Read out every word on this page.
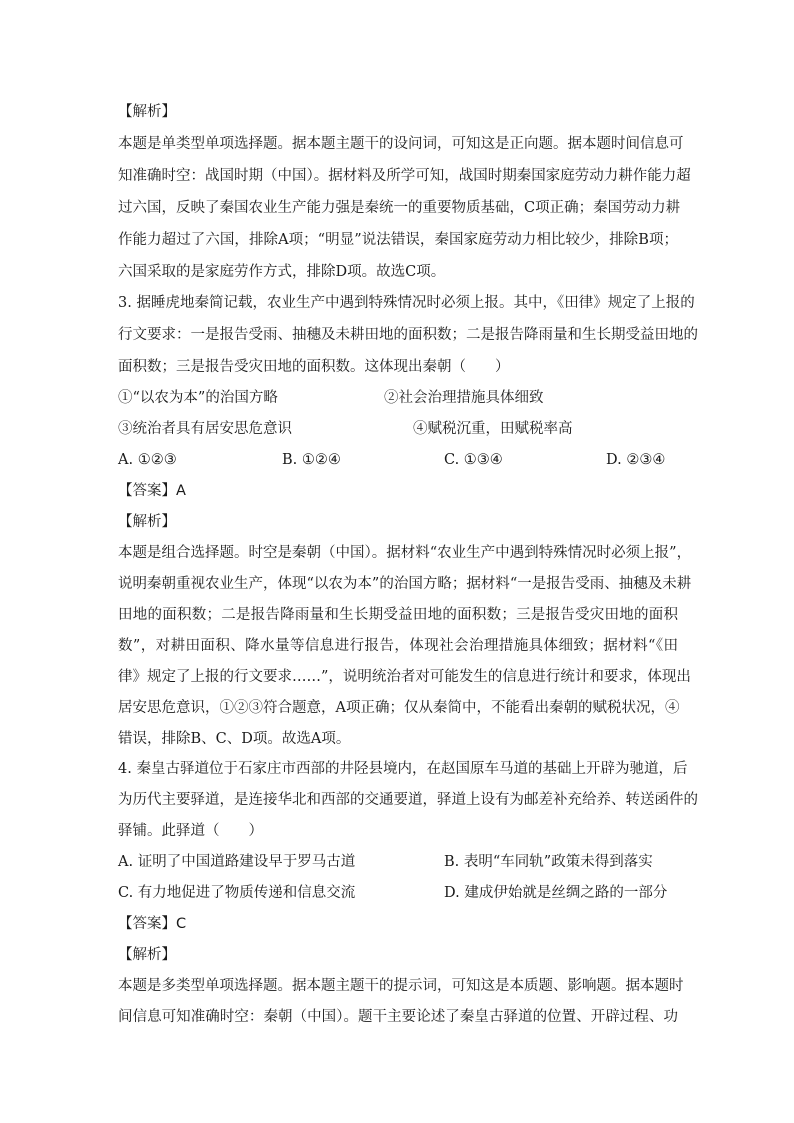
【解析】
本题是单类型单项选择题。据本题主题干的设问词，可知这是正向题。据本题时间信息可
知准确时空：战国时期（中国）。据材料及所学可知，战国时期秦国家庭劳动力耕作能力超
过六国，反映了秦国农业生产能力强是秦统一的重要物质基础，C项正确；秦国劳动力耕
作能力超过了六国，排除A项；“明显”说法错误，秦国家庭劳动力相比较少，排除B项；
六国采取的是家庭劳作方式，排除D项。故选C项。
3. 据睡虎地秦简记载，农业生产中遇到特殊情况时必须上报。其中，《田律》规定了上报的
行文要求：一是报告受雨、抽穗及未耕田地的面积数；二是报告降雨量和生长期受益田地的
面积数；三是报告受灾田地的面积数。这体现出秦朝（　　）
①“以农为本”的治国方略	②社会治理措施具体细致
③统治者具有居安思危意识	④赋税沉重，田赋税率高
A. ①②③	B. ①②④	C. ①③④	D. ②③④
【答案】A
【解析】
本题是组合选择题。时空是秦朝（中国）。据材料“农业生产中遇到特殊情况时必须上报”，
说明秦朝重视农业生产，体现“以农为本”的治国方略；据材料“一是报告受雨、抽穗及未耕
田地的面积数；二是报告降雨量和生长期受益田地的面积数；三是报告受灾田地的面积
数”，对耕田面积、降水量等信息进行报告，体现社会治理措施具体细致；据材料“《田
律》规定了上报的行文要求……”，说明统治者对可能发生的信息进行统计和要求，体现出
居安思危意识，①②③符合题意，A项正确；仅从秦简中，不能看出秦朝的赋税状况，④
错误，排除B、C、D项。故选A项。
4. 秦皇古驿道位于石家庄市西部的井陉县境内，在赵国原车马道的基础上开辟为驰道，后
为历代主要驿道，是连接华北和西部的交通要道，驿道上设有为邮差补充给养、转送函件的
驿铺。此驿道（　　）
A. 证明了中国道路建设早于罗马古道	B. 表明“车同轨”政策未得到落实
C. 有力地促进了物质传递和信息交流	D. 建成伊始就是丝绸之路的一部分
【答案】C
【解析】
本题是多类型单项选择题。据本题主题干的提示词，可知这是本质题、影响题。据本题时
间信息可知准确时空：秦朝（中国）。题干主要论述了秦皇古驿道的位置、开辟过程、功
